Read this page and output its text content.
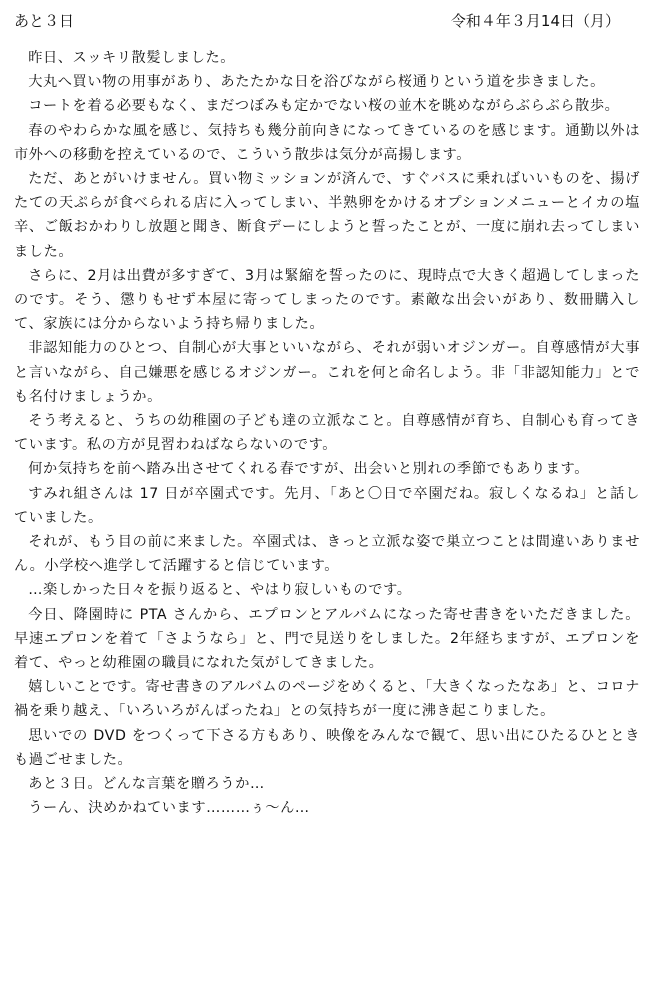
あと３日	令和４年３月14日（月）

昨日、スッキリ散髪しました。

大丸へ買い物の用事があり、あたたかな日を浴びながら桜通りという道を歩きました。

コートを着る必要もなく、まだつぼみも定かでない桜の並木を眺めながらぶらぶら散歩。

春のやわらかな風を感じ、気持ちも幾分前向きになってきているのを感じます。通勤以外は市外への移動を控えているので、こういう散歩は気分が高揚します。

ただ、あとがいけません。買い物ミッションが済んで、すぐバスに乗ればいいものを、揚げたての天ぷらが食べられる店に入ってしまい、半熟卵をかけるオプションメニューとイカの塩辛、ご飯おかわりし放題と聞き、断食デーにしようと誓ったことが、一度に崩れ去ってしまいました。

さらに、2月は出費が多すぎて、3月は緊縮を誓ったのに、現時点で大きく超過してしまったのです。そう、懲りもせず本屋に寄ってしまったのです。素敵な出会いがあり、数冊購入して、家族には分からないよう持ち帰りました。

非認知能力のひとつ、自制心が大事といいながら、それが弱いオジンガー。自尊感情が大事と言いながら、自己嫌悪を感じるオジンガー。これを何と命名しよう。非「非認知能力」とでも名付けましょうか。

そう考えると、うちの幼稚園の子ども達の立派なこと。自尊感情が育ち、自制心も育ってきています。私の方が見習わねばならないのです。

何か気持ちを前へ踏み出させてくれる春ですが、出会いと別れの季節でもあります。

すみれ組さんは 17 日が卒園式です。先月、「あと〇日で卒園だね。寂しくなるね」と話していました。

それが、もう目の前に来ました。卒園式は、きっと立派な姿で巣立つことは間違いありません。小学校へ進学して活躍すると信じています。

…楽しかった日々を振り返ると、やはり寂しいものです。

今日、降園時に PTA さんから、エプロンとアルバムになった寄せ書きをいただきました。早速エプロンを着て「さようなら」と、門で見送りをしました。2年経ちますが、エプロンを着て、やっと幼稚園の職員になれた気がしてきました。

嬉しいことです。寄せ書きのアルバムのページをめくると、「大きくなったなあ」と、コロナ禍を乗り越え、「いろいろがんばったね」との気持ちが一度に沸き起こりました。

思いでの DVD をつくって下さる方もあり、映像をみんなで観て、思い出にひたるひとときも過ごせました。

あと３日。どんな言葉を贈ろうか…

うーん、決めかねています………ぅ～ん…
